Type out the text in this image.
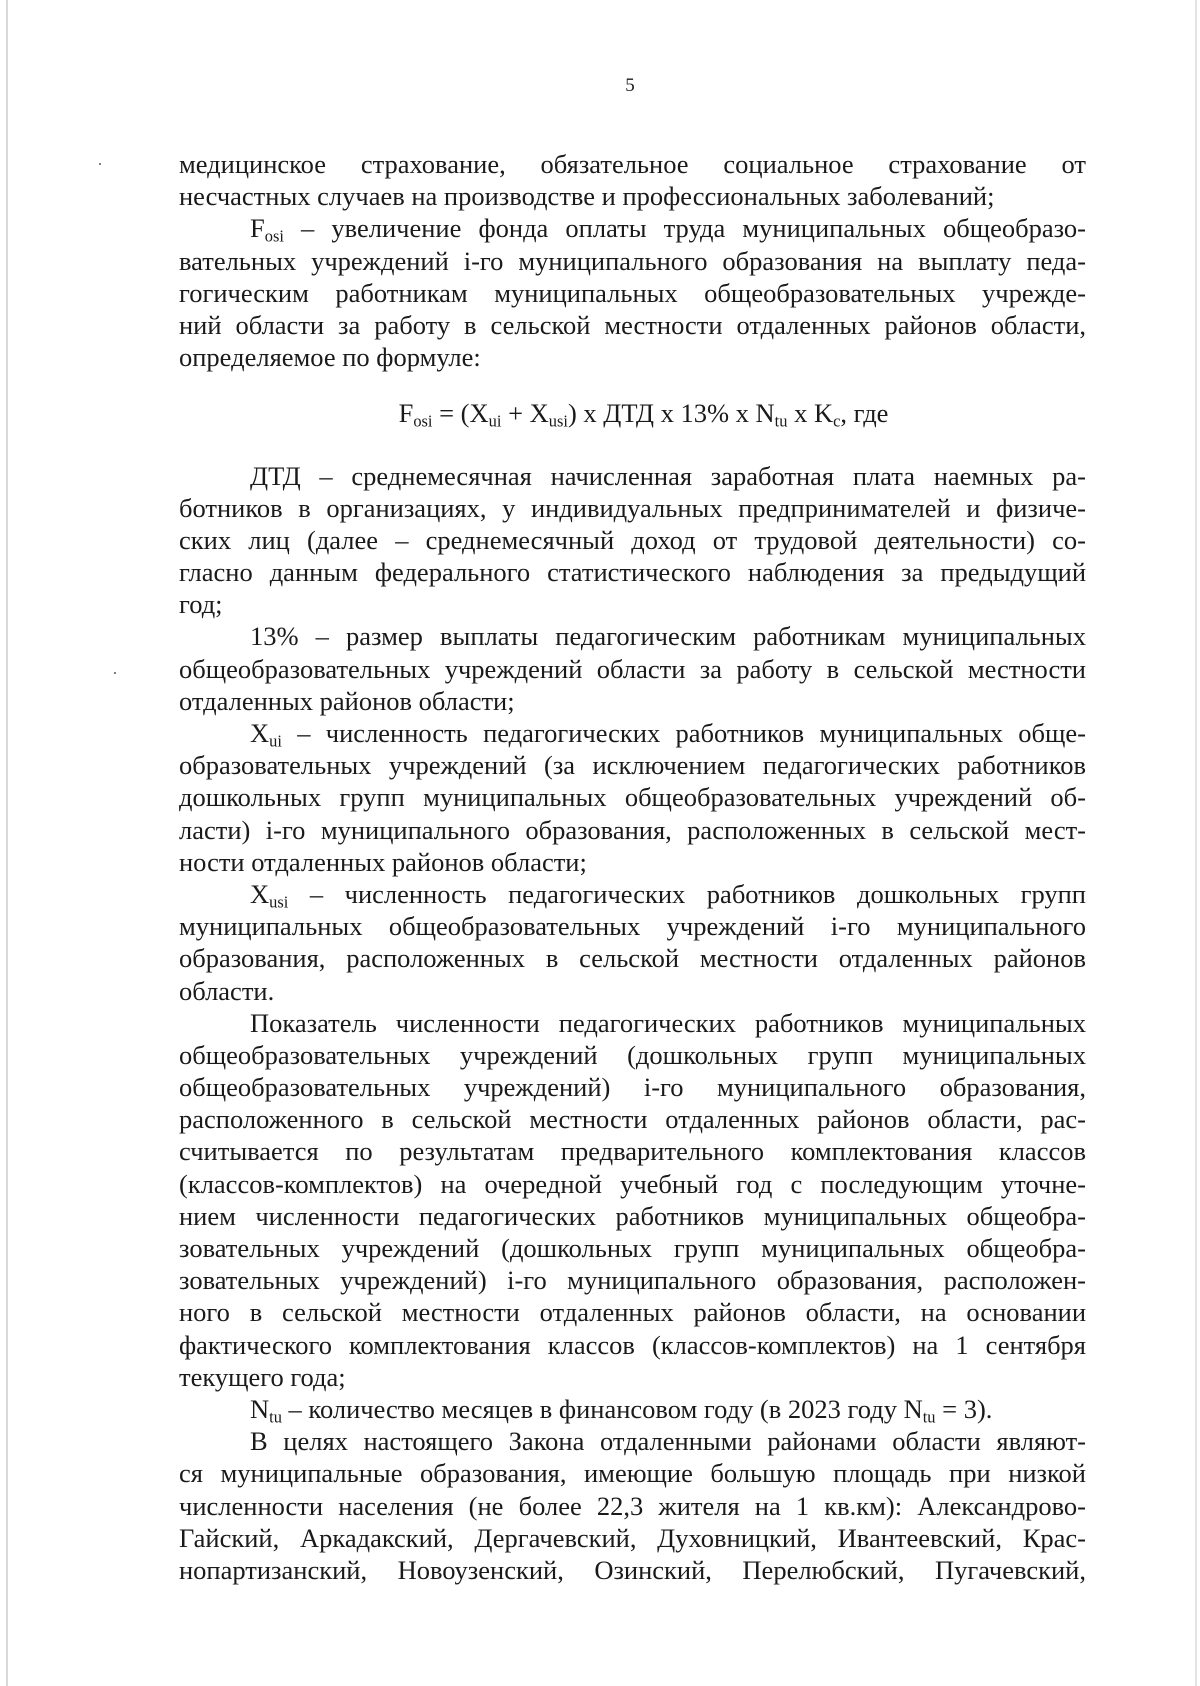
5
медицинское страхование, обязательное социальное страхование от
несчастных случаев на производстве и профессиональных заболеваний;
$F_{osi}$ – увеличение фонда оплаты труда муниципальных общеобразо-
вательных учреждений i-го муниципального образования на выплату педа-
гогическим работникам муниципальных общеобразовательных учрежде-
ний области за работу в сельской местности отдаленных районов области,
определяемое по формуле:
$F_{osi} = (X_{ui} + X_{usi})$ x ДТД x 13% x $N_{tu}$ x $K_c$, где
ДТД – среднемесячная начисленная заработная плата наемных ра-
ботников в организациях, у индивидуальных предпринимателей и физиче-
ских лиц (далее – среднемесячный доход от трудовой деятельности) со-
гласно данным федерального статистического наблюдения за предыдущий
год;
13% – размер выплаты педагогическим работникам муниципальных
общеобразовательных учреждений области за работу в сельской местности
отдаленных районов области;
$X_{ui}$ – численность педагогических работников муниципальных обще-
образовательных учреждений (за исключением педагогических работников
дошкольных групп муниципальных общеобразовательных учреждений об-
ласти) i-го муниципального образования, расположенных в сельской мест-
ности отдаленных районов области;
$X_{usi}$ – численность педагогических работников дошкольных групп
муниципальных общеобразовательных учреждений i-го муниципального
образования, расположенных в сельской местности отдаленных районов
области.
Показатель численности педагогических работников муниципальных
общеобразовательных учреждений (дошкольных групп муниципальных
общеобразовательных учреждений) i-го муниципального образования,
расположенного в сельской местности отдаленных районов области, рас-
считывается по результатам предварительного комплектования классов
(классов-комплектов) на очередной учебный год с последующим уточне-
нием численности педагогических работников муниципальных общеобра-
зовательных учреждений (дошкольных групп муниципальных общеобра-
зовательных учреждений) i-го муниципального образования, расположен-
ного в сельской местности отдаленных районов области, на основании
фактического комплектования классов (классов-комплектов) на 1 сентября
текущего года;
$N_{tu}$ – количество месяцев в финансовом году (в 2023 году $N_{tu} = 3$).
В целях настоящего Закона отдаленными районами области являют-
ся муниципальные образования, имеющие большую площадь при низкой
численности населения (не более 22,3 жителя на 1 кв.км): Александрово-
Гайский, Аркадакский, Дергачевский, Духовницкий, Ивантеевский, Крас-
нопартизанский, Новоузенский, Озинский, Перелюбский, Пугачевский,
